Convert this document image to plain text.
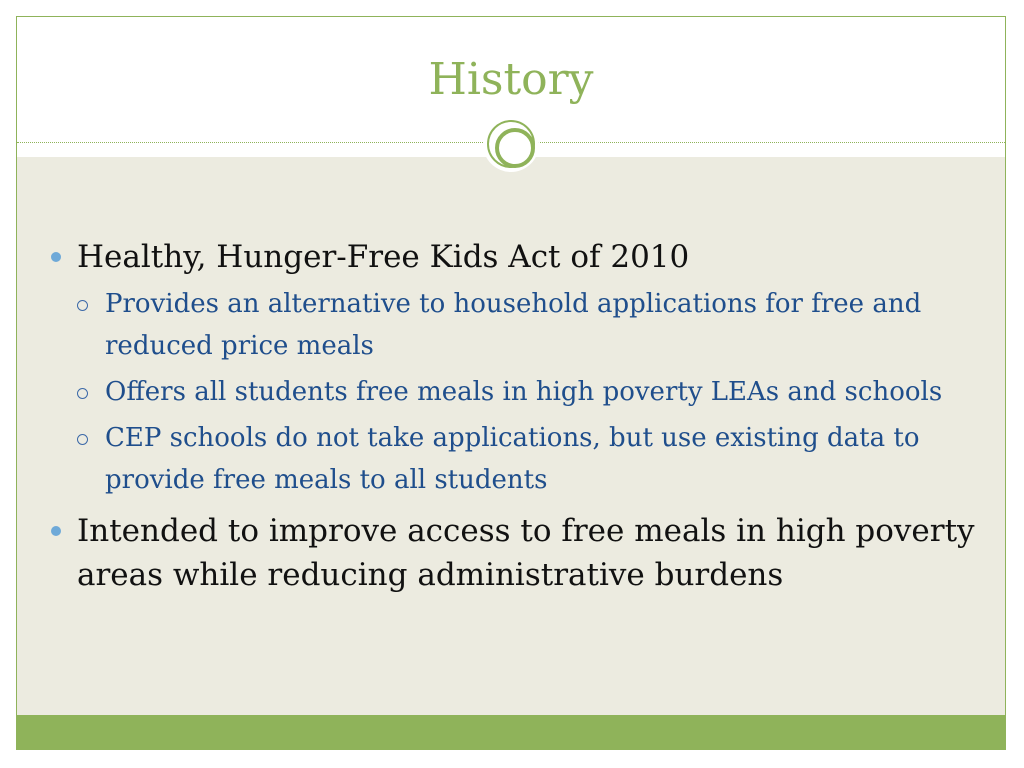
History
Healthy, Hunger-Free Kids Act of 2010
Provides an alternative to household applications for free and reduced price meals
Offers all students free meals in high poverty LEAs and schools
CEP schools do not take applications, but use existing data to provide free meals to all students
Intended to improve access to free meals in high poverty areas while reducing administrative burdens
